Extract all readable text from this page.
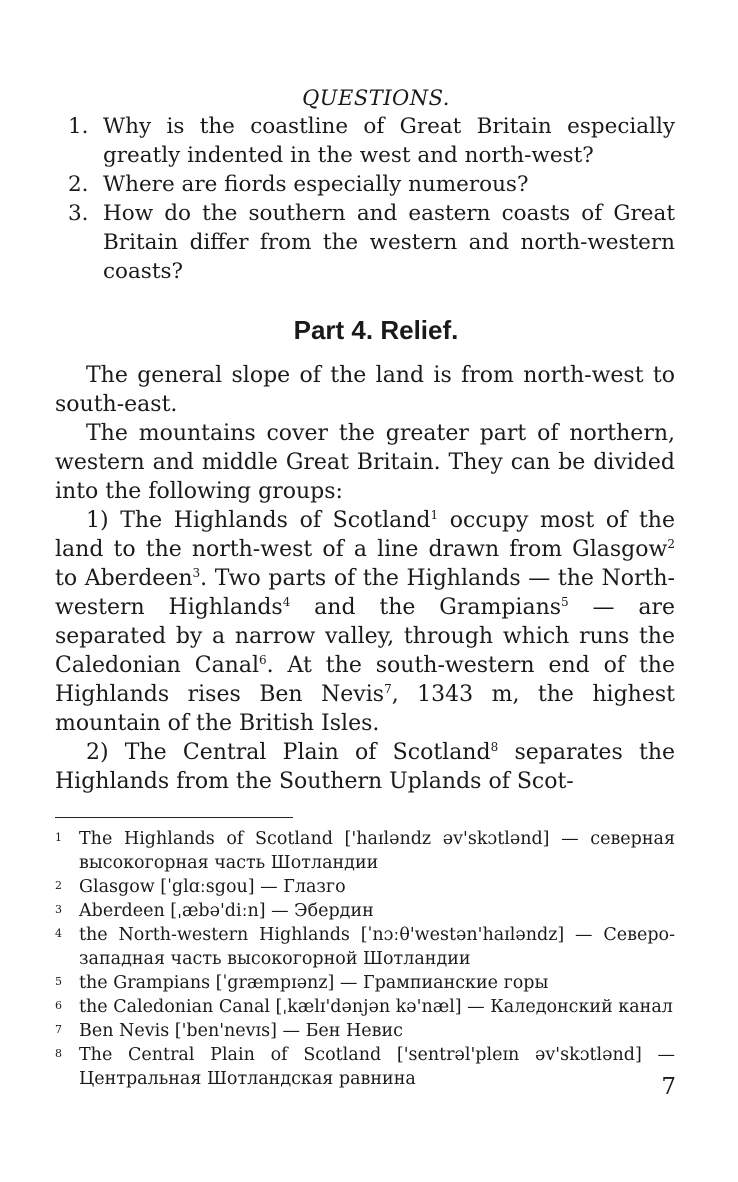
QUESTIONS.
1. Why is the coastline of Great Britain especially greatly indented in the west and north-west?
2. Where are fiords especially numerous?
3. How do the southern and eastern coasts of Great Britain differ from the western and north-western coasts?
Part 4. Relief.

The general slope of the land is from north-west to south-east.

The mountains cover the greater part of northern, western and middle Great Britain. They can be divided into the following groups:

1) The Highlands of Scotland$^1$ occupy most of the land to the north-west of a line drawn from Glasgow$^2$ to Aberdeen$^3$. Two parts of the Highlands — the North-western Highlands$^4$ and the Grampians$^5$ — are separated by a narrow valley, through which runs the Caledonian Canal$^6$. At the south-western end of the Highlands rises Ben Nevis$^7$, 1343 m, the highest mountain of the British Isles.

2) The Central Plain of Scotland$^8$ separates the Highlands from the Southern Uplands of Scot-

1 The Highlands of Scotland ['haɪləndz əv'skɔtlənd] — северная высокогорная часть Шотландии
2 Glasgow [ˈglɑːsgou] — Глазго
3 Aberdeen [ˌæbə'diːn] — Эбердин
4 the North-western Highlands [ˈnɔːθ'westən'haɪləndz] — Северо-западная часть высокогорной Шотландии
5 the Grampians [ˈgræmpɪənz] — Грампианские горы
6 the Caledonian Canal [ˌkælɪ'dənjən kə'næl] — Каледонский канал
7 Ben Nevis ['ben'nevɪs] — Бен Невис
8 The Central Plain of Scotland ['sentrəl'pleɪn əv'skɔtlənd] — Центральная Шотландская равнина	7
